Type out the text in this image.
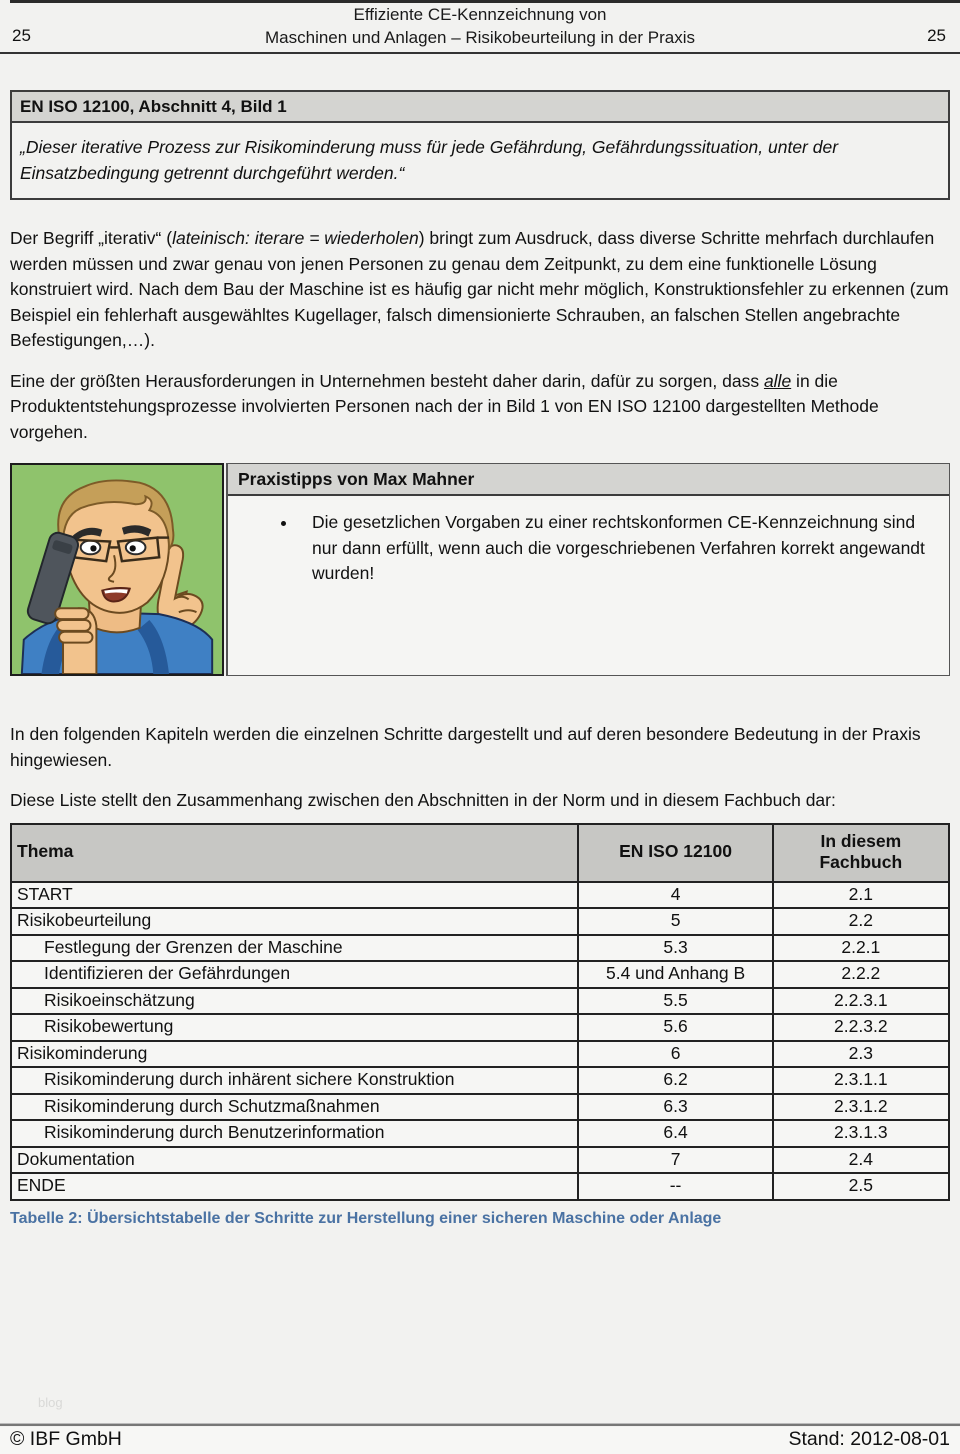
Effiziente CE-Kennzeichnung von
Maschinen und Anlagen – Risikobeurteilung in der Praxis
25	25
EN ISO 12100, Abschnitt 4, Bild 1
„Dieser iterative Prozess zur Risikominderung muss für jede Gefährdung, Gefährdungssituation, unter der Einsatzbedingung getrennt durchgeführt werden.“

Der Begriff „iterativ“ (lateinisch: iterare = wiederholen) bringt zum Ausdruck, dass diverse Schritte mehrfach durchlaufen werden müssen und zwar genau von jenen Personen zu genau dem Zeitpunkt, zu dem eine funktionelle Lösung konstruiert wird. Nach dem Bau der Maschine ist es häufig gar nicht mehr möglich, Konstruktionsfehler zu erkennen (zum Beispiel ein fehlerhaft ausgewähltes Kugellager, falsch dimensionierte Schrauben, an falschen Stellen angebrachte Befestigungen,…).

Eine der größten Herausforderungen in Unternehmen besteht daher darin, dafür zu sorgen, dass alle in die Produktentstehungsprozesse involvierten Personen nach der in Bild 1 von EN ISO 12100 dargestellten Methode vorgehen.

Praxistipps von Max Mahner
• Die gesetzlichen Vorgaben zu einer rechtskonformen CE-Kennzeichnung sind nur dann erfüllt, wenn auch die vorgeschriebenen Verfahren korrekt angewandt wurden!

In den folgenden Kapiteln werden die einzelnen Schritte dargestellt und auf deren besondere Bedeutung in der Praxis hingewiesen.

Diese Liste stellt den Zusammenhang zwischen den Abschnitten in der Norm und in diesem Fachbuch dar:

Thema	EN ISO 12100	In diesem Fachbuch
START	4	2.1
Risikobeurteilung	5	2.2
Festlegung der Grenzen der Maschine	5.3	2.2.1
Identifizieren der Gefährdungen	5.4 und Anhang B	2.2.2
Risikoeinschätzung	5.5	2.2.3.1
Risikobewertung	5.6	2.2.3.2
Risikominderung	6	2.3
Risikominderung durch inhärent sichere Konstruktion	6.2	2.3.1.1
Risikominderung durch Schutzmaßnahmen	6.3	2.3.1.2
Risikominderung durch Benutzerinformation	6.4	2.3.1.3
Dokumentation	7	2.4
ENDE	--	2.5
Tabelle 2: Übersichtstabelle der Schritte zur Herstellung einer sicheren Maschine oder Anlage
blog
© IBF GmbH	Stand: 2012-08-01
